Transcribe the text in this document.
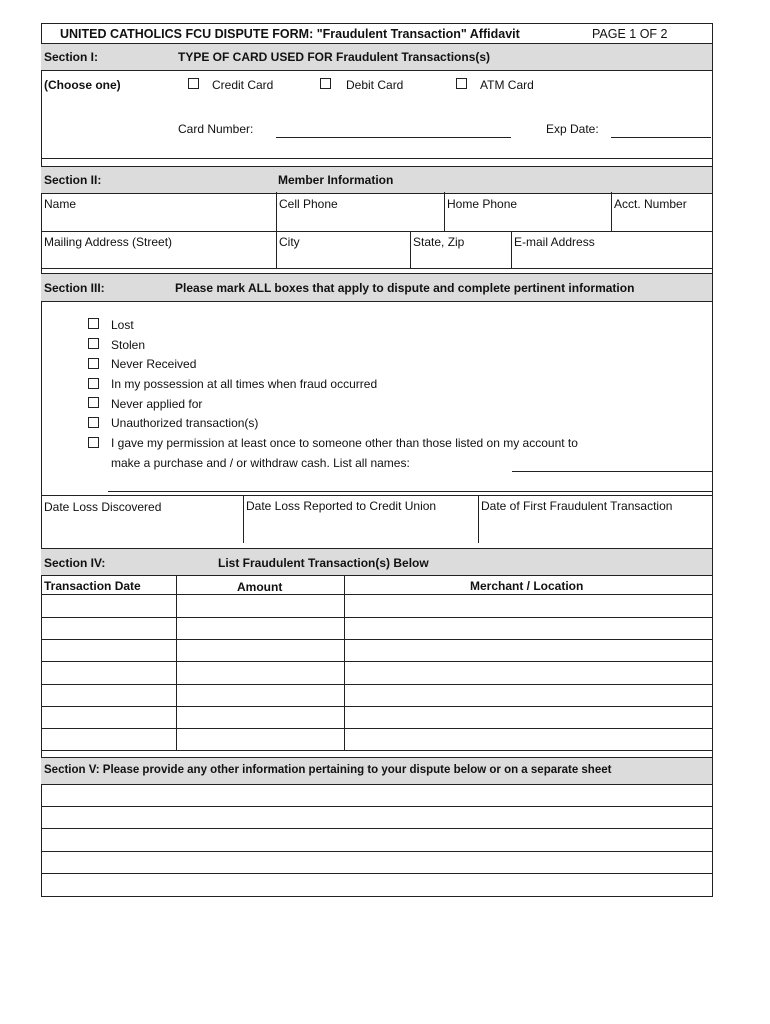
UNITED CATHOLICS FCU DISPUTE FORM: "Fraudulent Transaction" Affidavit	PAGE 1 OF 2
Section I:	TYPE OF CARD USED FOR Fraudulent Transactions(s)
(Choose one)	Credit Card	Debit Card	ATM Card
Card Number:	Exp Date:
Section II:	Member Information
Name	Cell Phone	Home Phone	Acct. Number
Mailing Address (Street)	City	State, Zip	E-mail Address
Section III:	Please mark ALL boxes that apply to dispute and complete pertinent information
Lost
Stolen
Never Received
In my possession at all times when fraud occurred
Never applied for
Unauthorized transaction(s)
I gave my permission at least once to someone other than those listed on my account to
make a purchase and / or withdraw cash. List all names:
Date Loss Discovered	Date Loss Reported to Credit Union	Date of First Fraudulent Transaction
Section IV:	List Fraudulent Transaction(s) Below
Transaction Date	Amount	Merchant / Location
Section V: Please provide any other information pertaining to your dispute below or on a separate sheet
